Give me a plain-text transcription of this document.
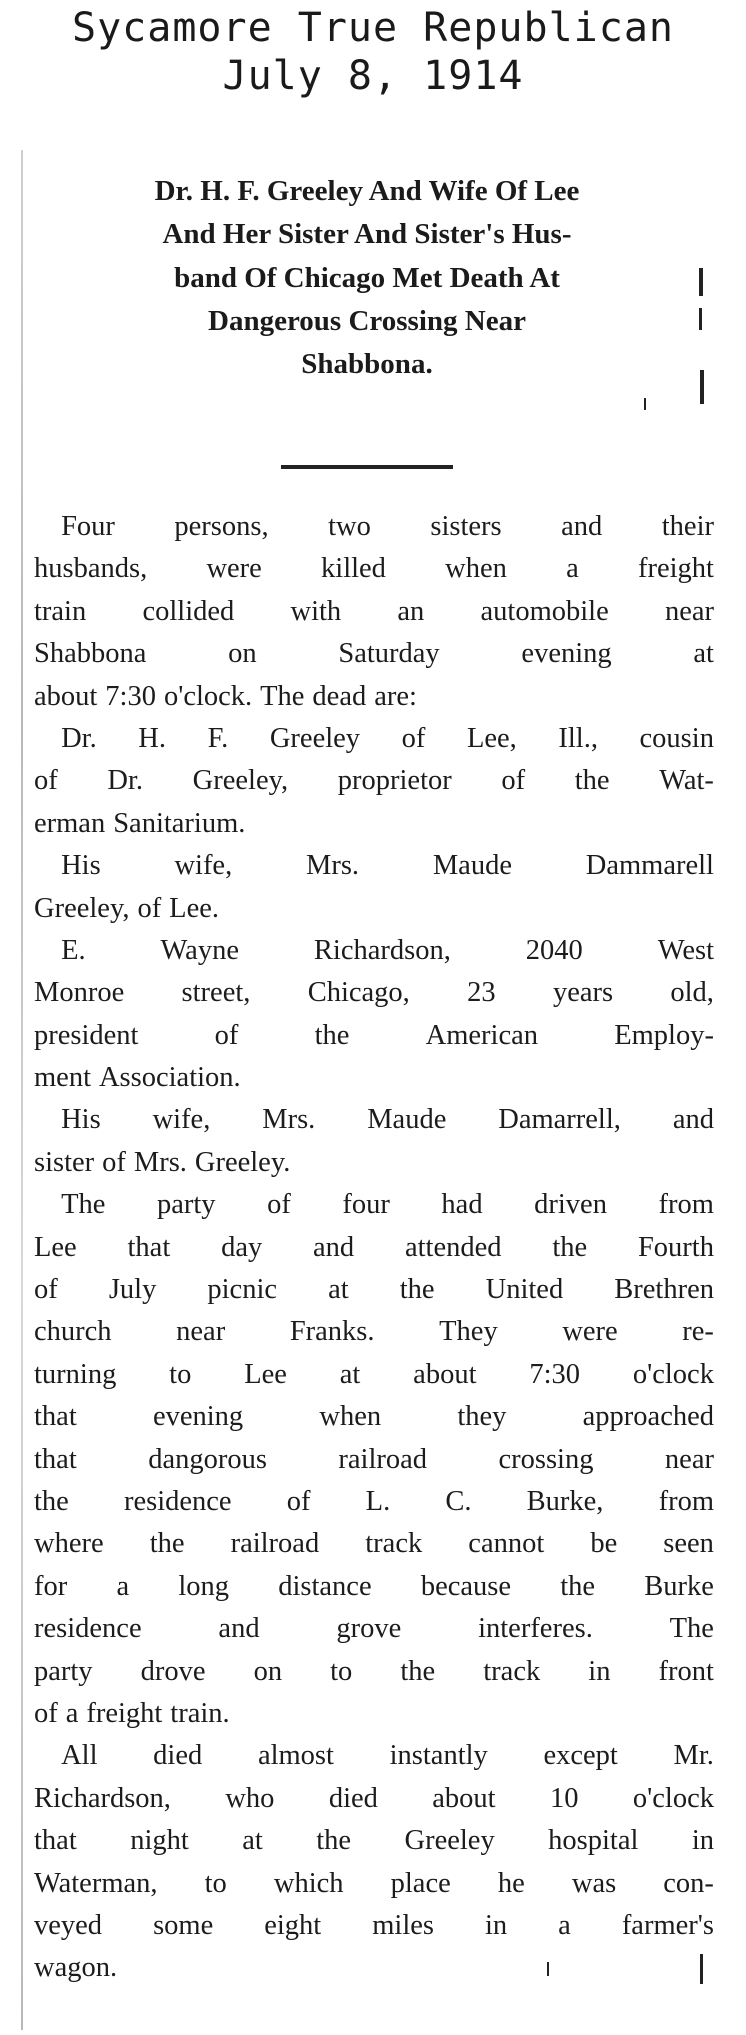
Sycamore True Republican
July 8, 1914
Dr. H. F. Greeley And Wife Of Lee
And Her Sister And Sister's Hus-
band Of Chicago Met Death At
Dangerous Crossing Near
Shabbona.
Four persons, two sisters and their
husbands, were killed when a freight
train collided with an automobile near
Shabbona	on	Saturday	evening	at
about 7:30 o'clock. The dead are:
Dr. H. F. Greeley of Lee, Ill., cousin
of Dr. Greeley, proprietor of the Wat-
erman Sanitarium.
His	wife,	Mrs.	Maude	Dammarell
Greeley, of Lee.
E.	Wayne	Richardson,	2040	West
Monroe street, Chicago, 23 years old,
president	of	the	American	Employ-
ment Association.
His wife, Mrs. Maude Damarrell, and
sister of Mrs. Greeley.
The party of four had driven from
Lee that day and attended the Fourth
of July picnic at the United Brethren
church near Franks. They were re-
turning to Lee at about 7:30 o'clock
that	evening	when	they	approached
that	dangorous	railroad	crossing	near
the residence of L. C. Burke, from
where the railroad track cannot be seen
for a long distance because the Burke
residence	and	grove	interferes.	The
party drove on to the track in front
of a freight train.
All died almost instantly except Mr.
Richardson, who died about 10 o'clock
that night at the Greeley hospital in
Waterman, to which place he was con-
veyed some eight miles in a farmer's
wagon.
